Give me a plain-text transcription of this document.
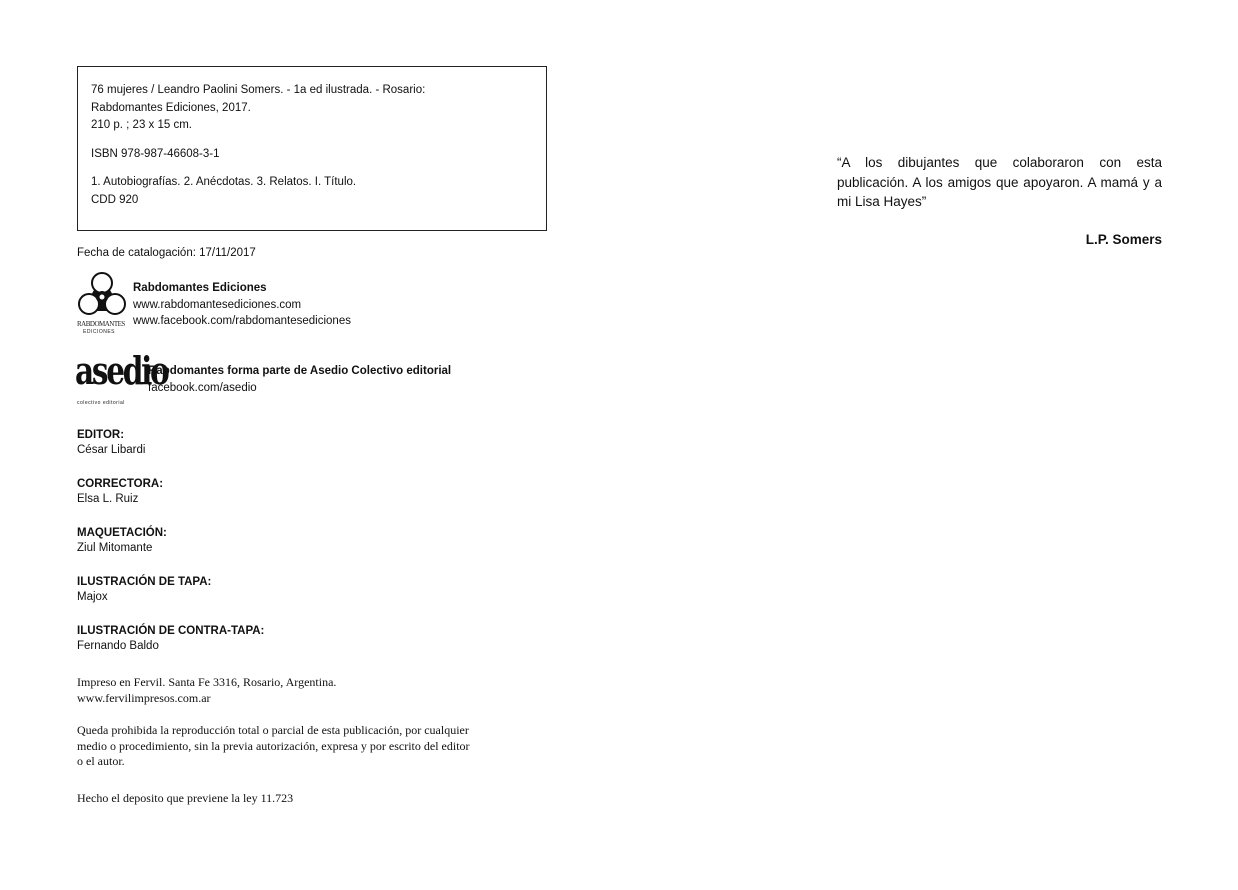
76 mujeres / Leandro Paolini Somers. - 1a ed ilustrada. - Rosario:
Rabdomantes Ediciones, 2017.
210 p. ; 23 x 15 cm.
ISBN 978-987-46608-3-1
1. Autobiografías. 2. Anécdotas. 3. Relatos. I. Título.
CDD 920
Fecha de catalogación: 17/11/2017
RABDOMANTES
EDICIONES
Rabdomantes Ediciones
www.rabdomantesediciones.com
www.facebook.com/rabdomantesediciones
asedio
colectivo editorial
Rabdomantes forma parte de Asedio Colectivo editorial
facebook.com/asedio
EDITOR:
César Libardi
CORRECTORA:
Elsa L. Ruiz
MAQUETACIÓN:
Ziul Mitomante
ILUSTRACIÓN DE TAPA:
Majox
ILUSTRACIÓN DE CONTRA-TAPA:
Fernando Baldo
Impreso en Fervil. Santa Fe 3316, Rosario, Argentina.
www.fervilimpresos.com.ar
Queda prohibida la reproducción total o parcial de esta publicación, por cualquier
medio o procedimiento, sin la previa autorización, expresa y por escrito del editor
o el autor.
Hecho el deposito que previene la ley 11.723
“A los dibujantes que colaboraron con esta publicación. A los amigos que apoyaron. A mamá y a mi Lisa Hayes”
L.P. Somers
